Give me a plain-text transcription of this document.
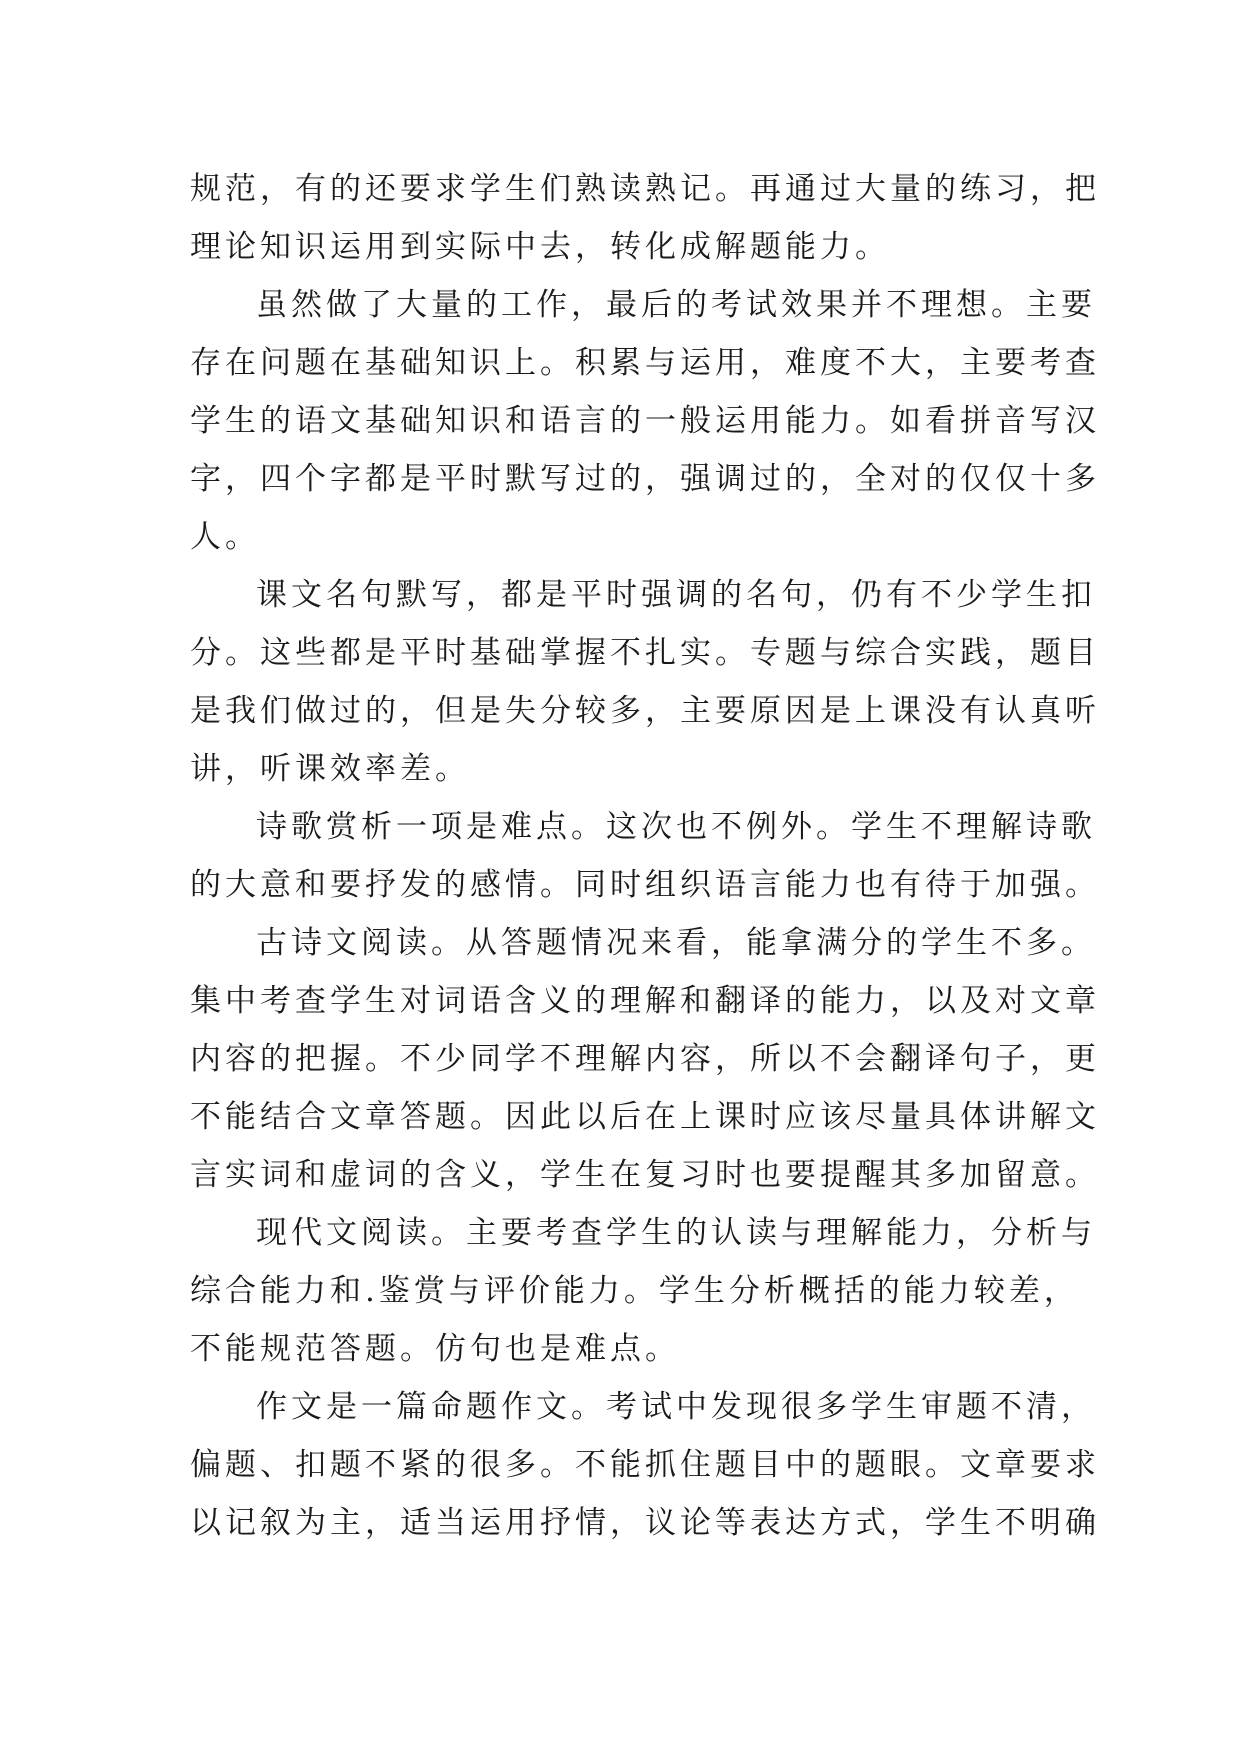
规范，有的还要求学生们熟读熟记。再通过大量的练习，把
理论知识运用到实际中去，转化成解题能力。
虽然做了大量的工作，最后的考试效果并不理想。主要
存在问题在基础知识上。积累与运用，难度不大，主要考查
学生的语文基础知识和语言的一般运用能力。如看拼音写汉
字，四个字都是平时默写过的，强调过的，全对的仅仅十多
人。
课文名句默写，都是平时强调的名句，仍有不少学生扣
分。这些都是平时基础掌握不扎实。专题与综合实践，题目
是我们做过的，但是失分较多，主要原因是上课没有认真听
讲，听课效率差。
诗歌赏析一项是难点。这次也不例外。学生不理解诗歌
的大意和要抒发的感情。同时组织语言能力也有待于加强。
古诗文阅读。从答题情况来看，能拿满分的学生不多。
集中考查学生对词语含义的理解和翻译的能力，以及对文章
内容的把握。不少同学不理解内容，所以不会翻译句子，更
不能结合文章答题。因此以后在上课时应该尽量具体讲解文
言实词和虚词的含义，学生在复习时也要提醒其多加留意。
现代文阅读。主要考查学生的认读与理解能力，分析与
综合能力和.鉴赏与评价能力。学生分析概括的能力较差，
不能规范答题。仿句也是难点。
作文是一篇命题作文。考试中发现很多学生审题不清，
偏题、扣题不紧的很多。不能抓住题目中的题眼。文章要求
以记叙为主，适当运用抒情，议论等表达方式，学生不明确
